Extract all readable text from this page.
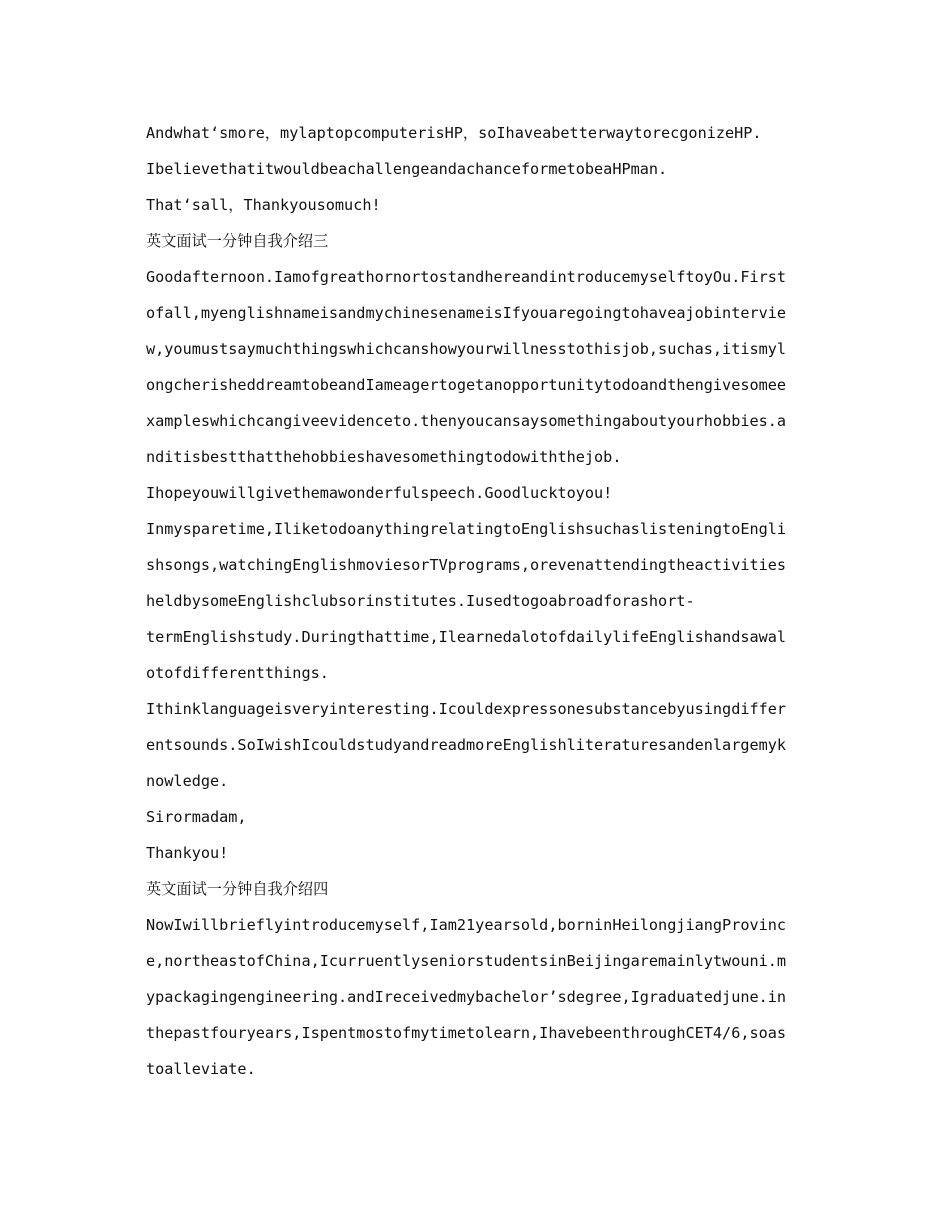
Andwhat‘smore，mylaptopcomputerisHP，soIhaveabetterwaytorecgonizeHP.
IbelievethatitwouldbeachallengeandachanceformetobeaHPman.
That‘sall，Thankyousomuch!
英文面试一分钟自我介绍三
Goodafternoon.IamofgreathornortostandhereandintroducemyselftoyOu.First
ofall,myenglishnameisandmychinesenameisIfyouaregoingtohaveajobintervie
w,youmustsaymuchthingswhichcanshowyourwillnesstothisjob,suchas,itismyl
ongcherisheddreamtobeandIameagertogetanopportunitytodoandthengivesomee
xampleswhichcangiveevidenceto.thenyoucansaysomethingaboutyourhobbies.a
nditisbestthatthehobbieshavesomethingtodowiththejob.
Ihopeyouwillgivethemawonderfulspeech.Goodlucktoyou!
Inmysparetime,IliketodoanythingrelatingtoEnglishsuchaslisteningtoEngli
shsongs,watchingEnglishmoviesorTVprograms,orevenattendingtheactivities
heldbysomeEnglishclubsorinstitutes.Iusedtogoabroadforashort-
termEnglishstudy.Duringthattime,IlearnedalotofdailylifeEnglishandsawal
otofdifferentthings.
Ithinklanguageisveryinteresting.Icouldexpressonesubstancebyusingdiffer
entsounds.SoIwishIcouldstudyandreadmoreEnglishliteraturesandenlargemyk
nowledge.
Sirormadam,
Thankyou!
英文面试一分钟自我介绍四
NowIwillbrieflyintroducemyself,Iam21yearsold,borninHeilongjiangProvinc
e,northeastofChina,IcurruentlyseniorstudentsinBeijingaremainlytwouni.m
ypackagingengineering.andIreceivedmybachelor’sdegree,Igraduatedjune.in
thepastfouryears,Ispentmostofmytimetolearn,IhavebeenthroughCET4/6,soas
toalleviate.
